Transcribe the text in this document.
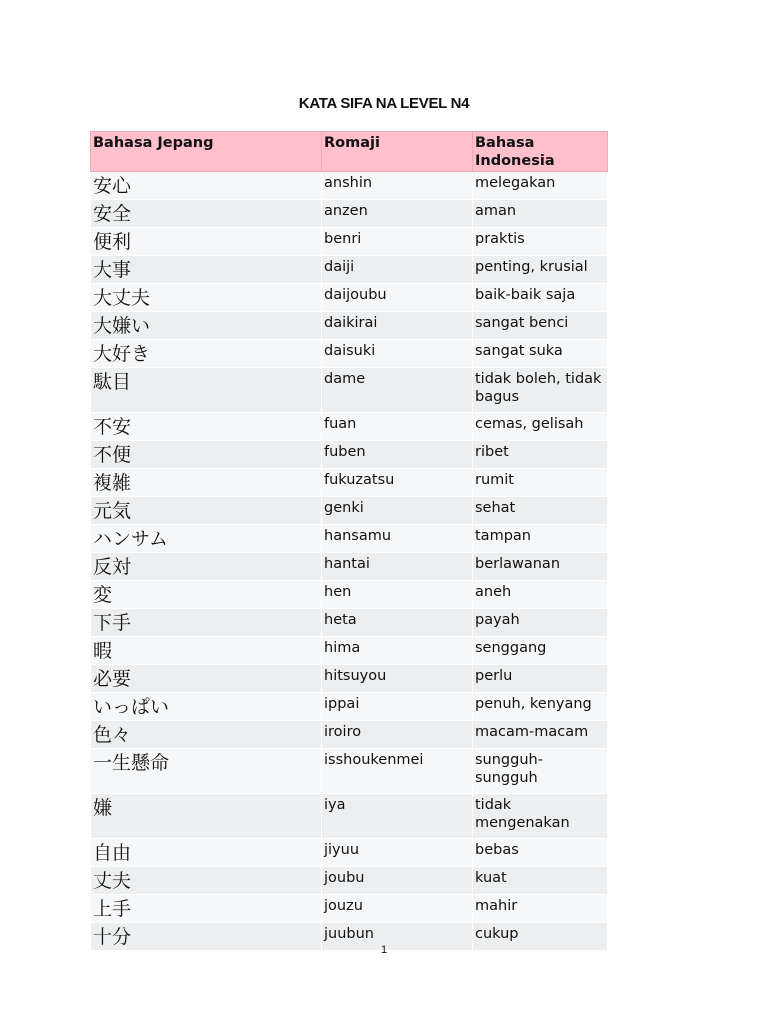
KATA SIFA NA LEVEL N4
Bahasa Jepang	Romaji	Bahasa Indonesia
安心	anshin	melegakan
安全	anzen	aman
便利	benri	praktis
大事	daiji	penting, krusial
大丈夫	daijoubu	baik-baik saja
大嫌い	daikirai	sangat benci
大好き	daisuki	sangat suka
駄目	dame	tidak boleh, tidak bagus
不安	fuan	cemas, gelisah
不便	fuben	ribet
複雑	fukuzatsu	rumit
元気	genki	sehat
ハンサム	hansamu	tampan
反対	hantai	berlawanan
変	hen	aneh
下手	heta	payah
暇	hima	senggang
必要	hitsuyou	perlu
いっぱい	ippai	penuh, kenyang
色々	iroiro	macam-macam
一生懸命	isshoukenmei	sungguh-sungguh
嫌	iya	tidak mengenakan
自由	jiyuu	bebas
丈夫	joubu	kuat
上手	jouzu	mahir
十分	juubun	cukup
1
